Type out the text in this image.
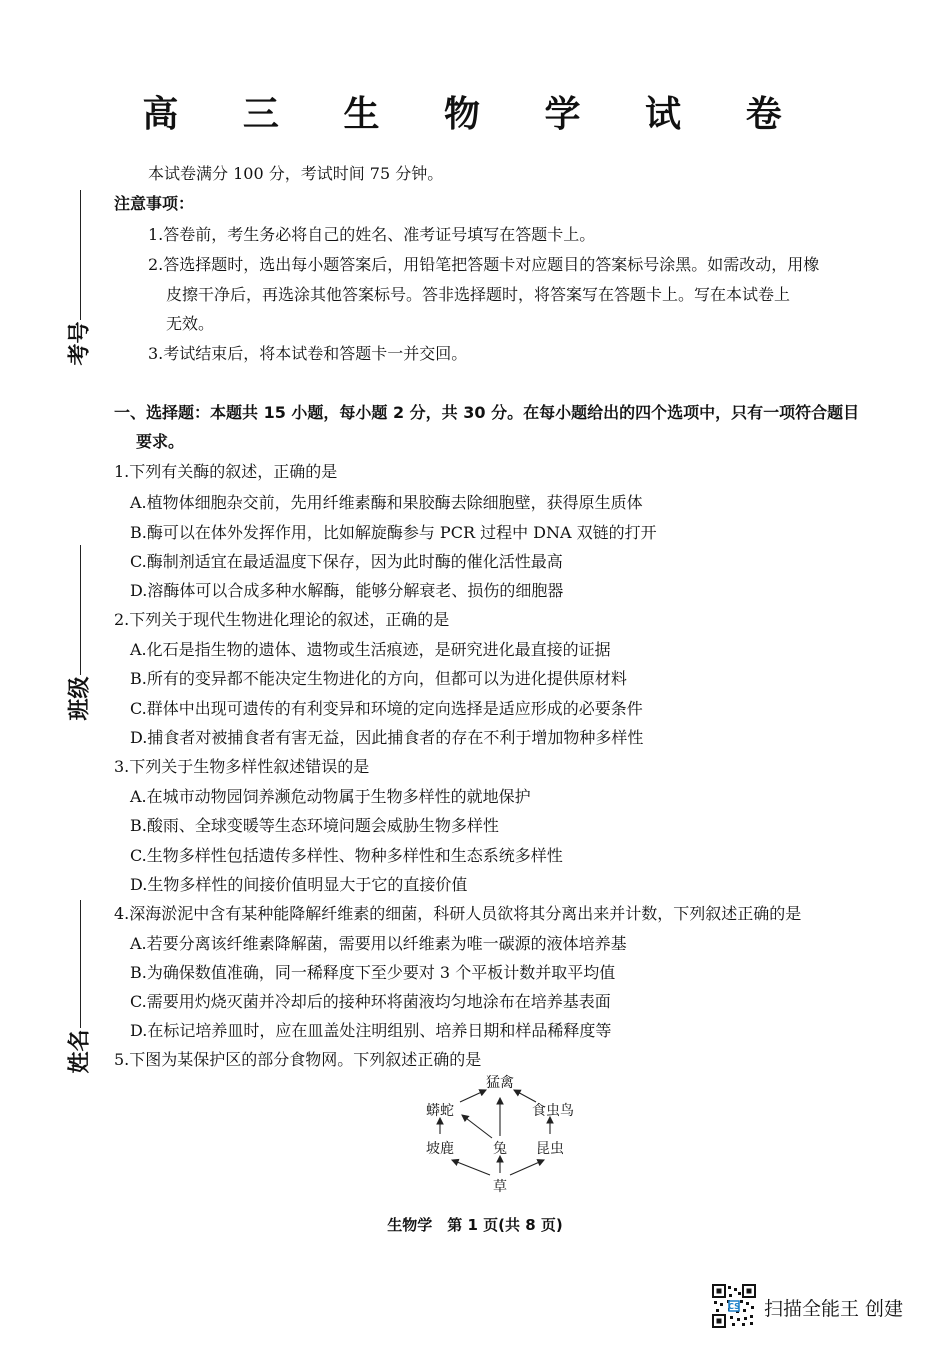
考号
班级
姓名
高 三 生 物 学 试 卷
本试卷满分 100 分，考试时间 75 分钟。
注意事项：
1.答卷前，考生务必将自己的姓名、准考证号填写在答题卡上。
2.答选择题时，选出每小题答案后，用铅笔把答题卡对应题目的答案标号涂黑。如需改动，用橡
皮擦干净后，再选涂其他答案标号。答非选择题时，将答案写在答题卡上。写在本试卷上
无效。
3.考试结束后，将本试卷和答题卡一并交回。
一、选择题：本题共 15 小题，每小题 2 分，共 30 分。在每小题给出的四个选项中，只有一项符合题目
要求。
1.下列有关酶的叙述，正确的是
A.植物体细胞杂交前，先用纤维素酶和果胶酶去除细胞壁，获得原生质体
B.酶可以在体外发挥作用，比如解旋酶参与 PCR 过程中 DNA 双链的打开
C.酶制剂适宜在最适温度下保存，因为此时酶的催化活性最高
D.溶酶体可以合成多种水解酶，能够分解衰老、损伤的细胞器
2.下列关于现代生物进化理论的叙述，正确的是
A.化石是指生物的遗体、遗物或生活痕迹，是研究进化最直接的证据
B.所有的变异都不能决定生物进化的方向，但都可以为进化提供原材料
C.群体中出现可遗传的有利变异和环境的定向选择是适应形成的必要条件
D.捕食者对被捕食者有害无益，因此捕食者的存在不利于增加物种多样性
3.下列关于生物多样性叙述错误的是
A.在城市动物园饲养濒危动物属于生物多样性的就地保护
B.酸雨、全球变暖等生态环境问题会威胁生物多样性
C.生物多样性包括遗传多样性、物种多样性和生态系统多样性
D.生物多样性的间接价值明显大于它的直接价值
4.深海淤泥中含有某种能降解纤维素的细菌，科研人员欲将其分离出来并计数，下列叙述正确的是
A.若要分离该纤维素降解菌，需要用以纤维素为唯一碳源的液体培养基
B.为确保数值准确，同一稀释度下至少要对 3 个平板计数并取平均值
C.需要用灼烧灭菌并冷却后的接种环将菌液均匀地涂布在培养基表面
D.在标记培养皿时，应在皿盖处注明组别、培养日期和样品稀释度等
5.下图为某保护区的部分食物网。下列叙述正确的是
猛禽
蟒蛇	食虫鸟
坡鹿	兔 昆虫
草
生物学　第 1 页(共 8 页)
CS 扫描全能王 创建
